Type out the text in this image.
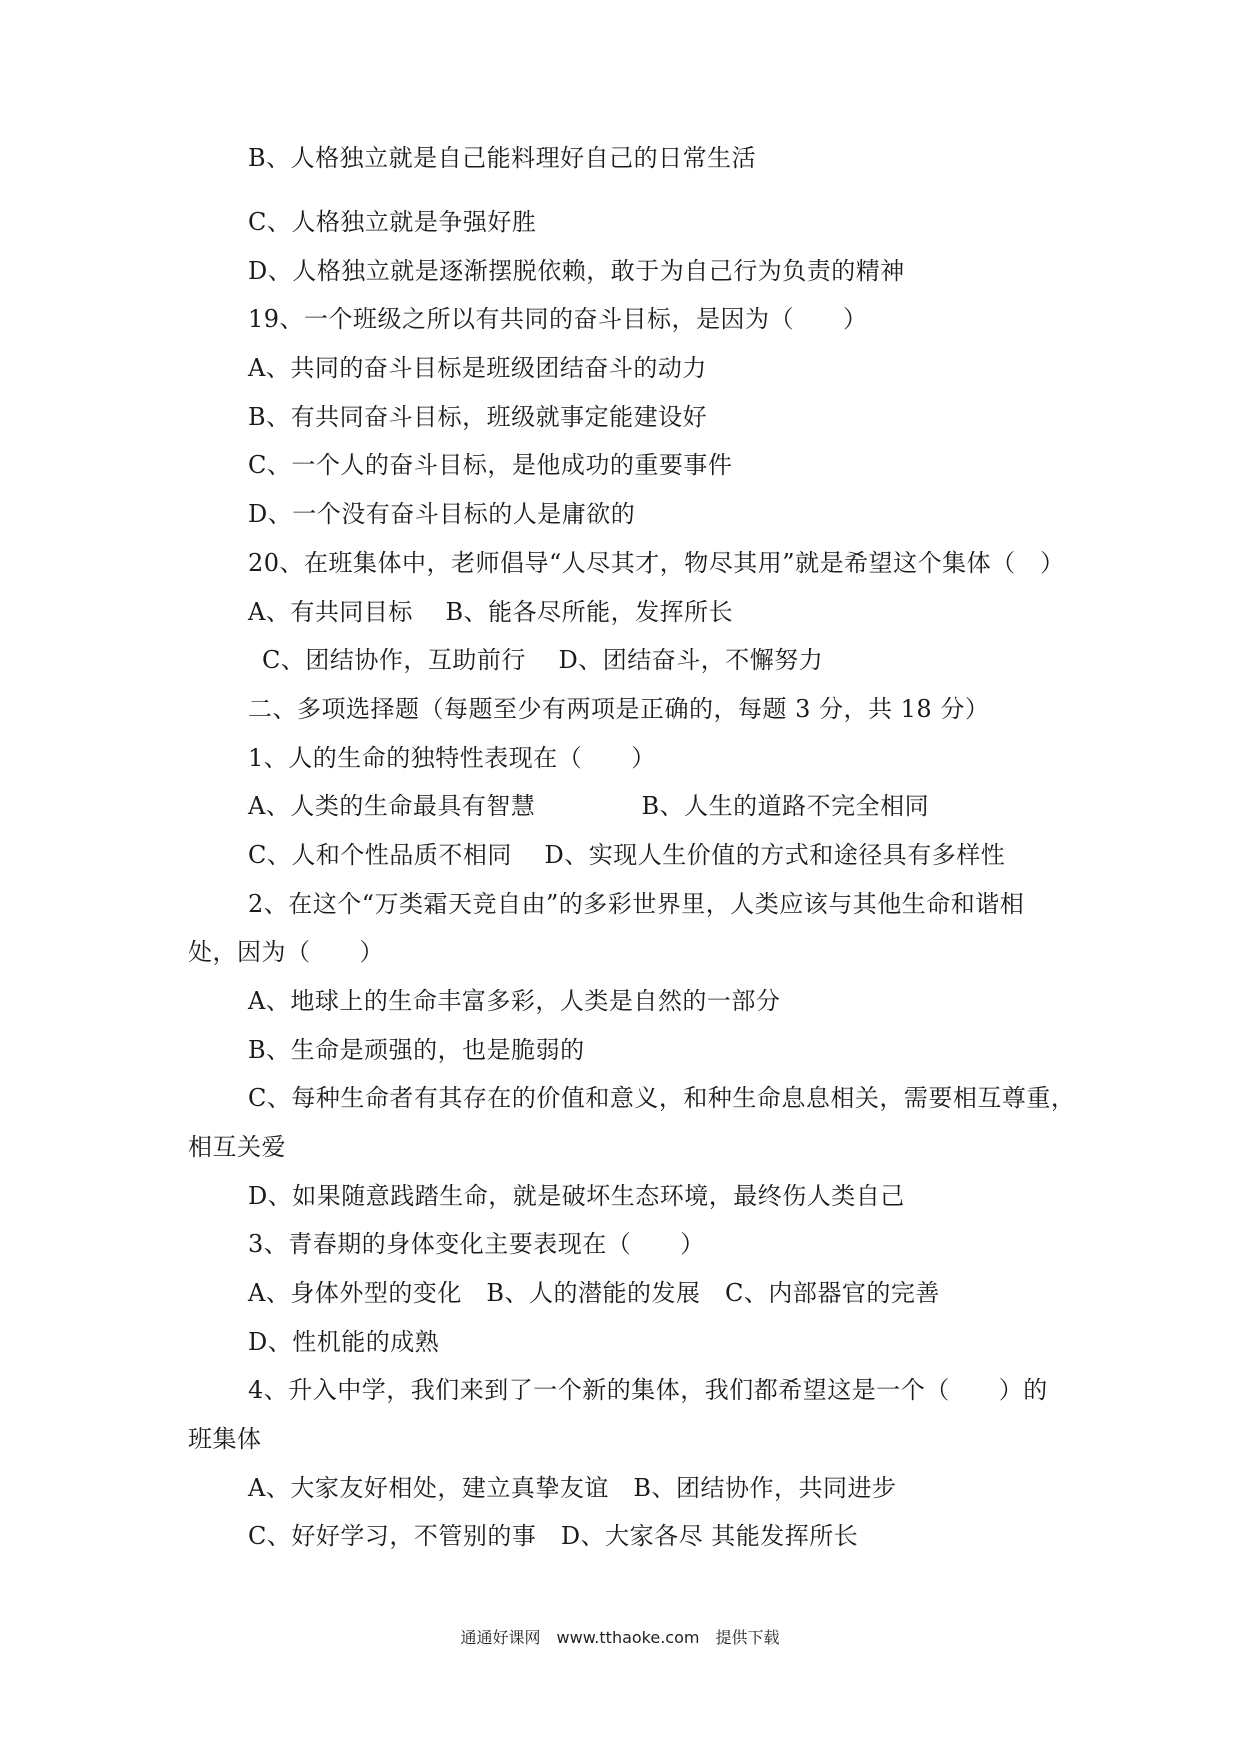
B、人格独立就是自己能料理好自己的日常生活
C、人格独立就是争强好胜
D、人格独立就是逐渐摆脱依赖，敢于为自己行为负责的精神
19、一个班级之所以有共同的奋斗目标，是因为（　　）
A、共同的奋斗目标是班级团结奋斗的动力
B、有共同奋斗目标，班级就事定能建设好
C、一个人的奋斗目标，是他成功的重要事件
D、一个没有奋斗目标的人是庸欲的
20、在班集体中，老师倡导“人尽其才，物尽其用”就是希望这个集体（　）
A、有共同目标　 B、能各尽所能，发挥所长
C、团结协作，互助前行　 D、团结奋斗，不懈努力
二、多项选择题（每题至少有两项是正确的，每题 3 分，共 18 分）
1、人的生命的独特性表现在（　　）
A、人类的生命最具有智慧　　　　 B、人生的道路不完全相同
C、人和个性品质不相同　 D、实现人生价值的方式和途径具有多样性
2、在这个“万类霜天竞自由”的多彩世界里，人类应该与其他生命和谐相
处，因为（　　）
A、地球上的生命丰富多彩，人类是自然的一部分
B、生命是顽强的，也是脆弱的
C、每种生命者有其存在的价值和意义，和种生命息息相关，需要相互尊重，
相互关爱
D、如果随意践踏生命，就是破坏生态环境，最终伤人类自己
3、青春期的身体变化主要表现在（　　）
A、身体外型的变化　B、人的潜能的发展　C、内部器官的完善
D、性机能的成熟
4、升入中学，我们来到了一个新的集体，我们都希望这是一个（　　）的
班集体
A、大家友好相处，建立真挚友谊　B、团结协作，共同进步
C、好好学习，不管别的事　D、大家各尽 其能发挥所长
通通好课网　www.tthaoke.com　提供下载
